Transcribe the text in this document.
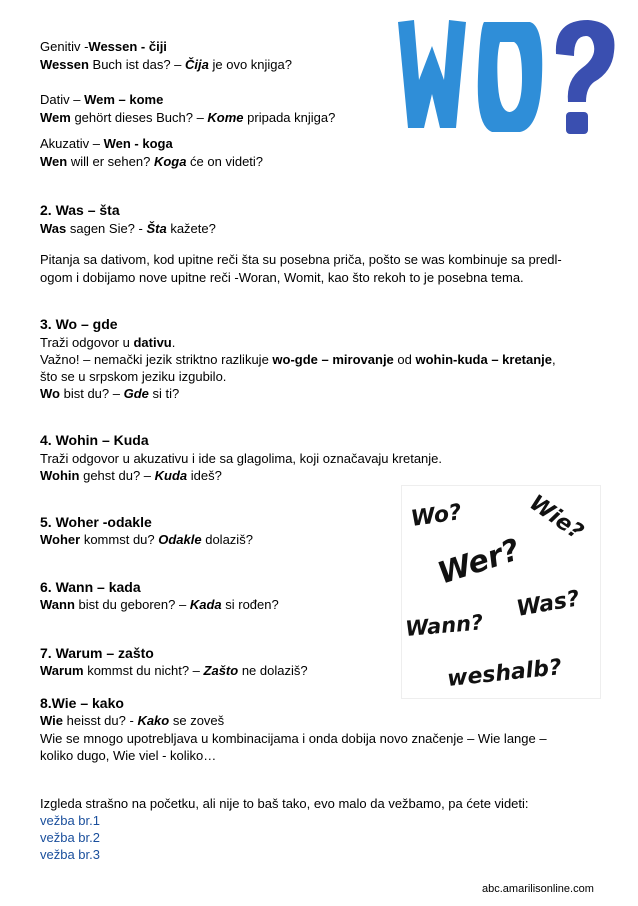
WO?
Wo?	Wie?
Wer?
Was?
Wann?
weshalb?

Genitiv -Wessen - čiji

Wessen Buch ist das? – Čija je ovo knjiga?

Dativ – Wem – kome

Wem gehört dieses Buch? – Kome pripada knjiga?

Akuzativ – Wen - koga

Wen will er sehen? Koga će on videti?

2. Was – šta

Was sagen Sie? - Šta kažete?

Pitanja sa dativom, kod upitne reči šta su posebna priča, pošto se was kombinuje sa predl-

ogom i dobijamo nove upitne reči -Woran, Womit, kao što rekoh to je posebna tema.

3. Wo – gde

Traži odgovor u dativu.

Važno! – nemački jezik striktno razlikuje wo-gde – mirovanje od wohin-kuda – kretanje,

što se u srpskom jeziku izgubilo.

Wo bist du? – Gde si ti?

4. Wohin – Kuda

Traži odgovor u akuzativu i ide sa glagolima, koji označavaju kretanje.

Wohin gehst du? – Kuda ideš?

5. Woher -odakle

Woher kommst du? Odakle dolaziš?

6. Wann – kada

Wann bist du geboren? – Kada si rođen?

7. Warum – zašto

Warum kommst du nicht? – Zašto ne dolaziš?

8.Wie – kako

Wie heisst du? - Kako se zoveš

Wie se mnogo upotrebljava u kombinacijama i onda dobija novo značenje – Wie lange –

koliko dugo, Wie viel - koliko…

Izgleda strašno na početku, ali nije to baš tako, evo malo da vežbamo, pa ćete videti:

vežba br.1

vežba br.2

vežba br.3

abc.amarilisonline.com
